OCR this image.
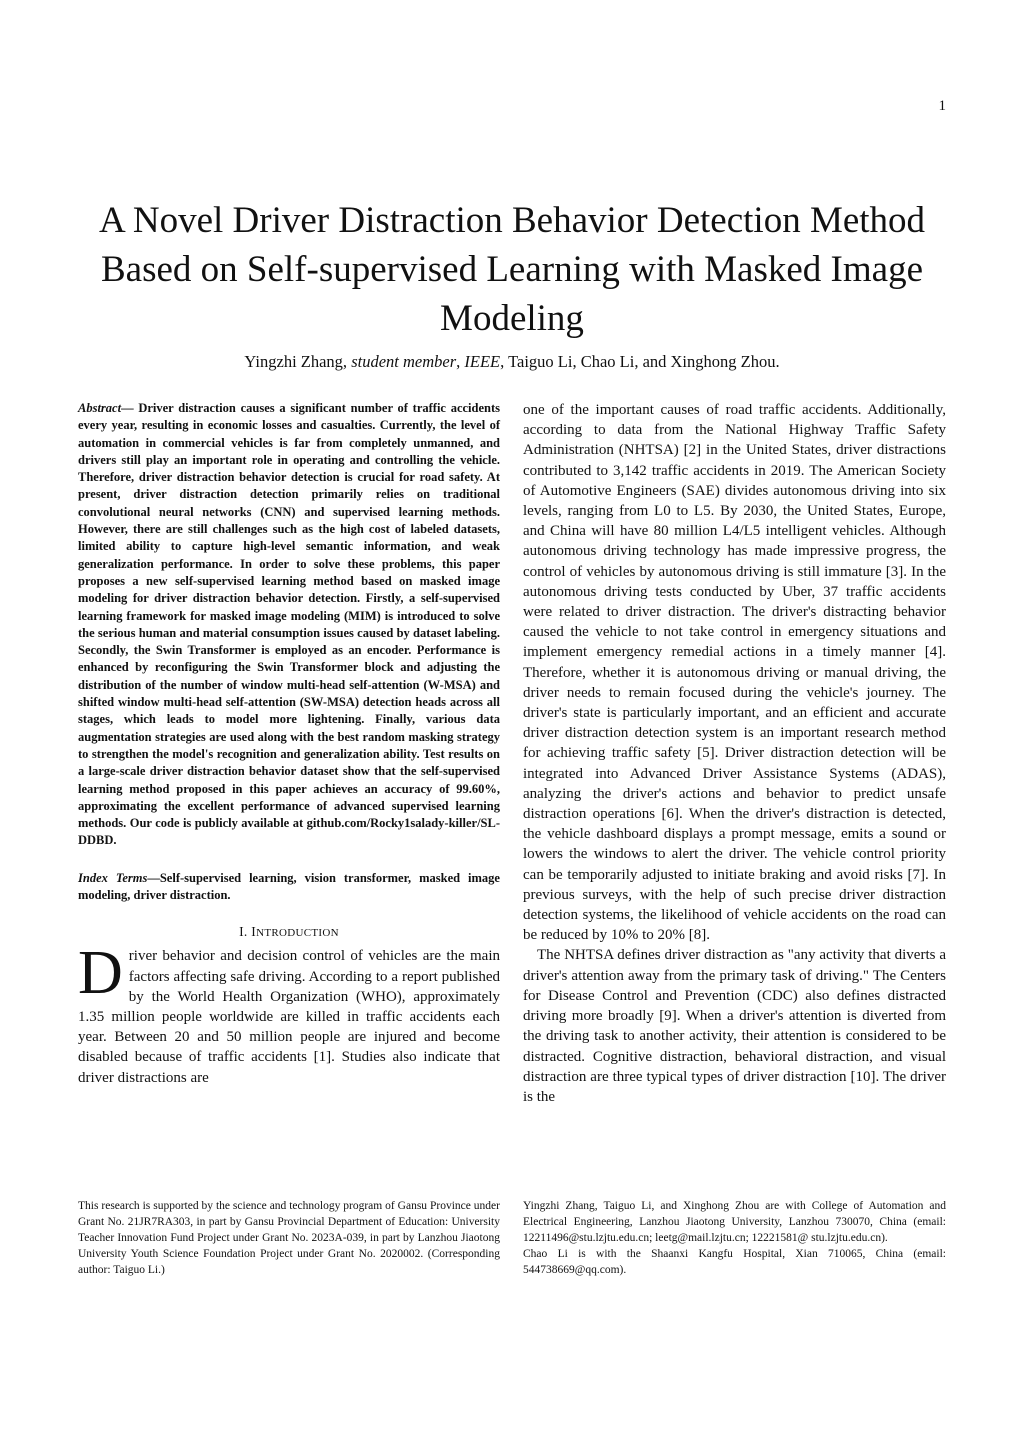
1
A Novel Driver Distraction Behavior Detection Method Based on Self-supervised Learning with Masked Image Modeling
Yingzhi Zhang, student member, IEEE, Taiguo Li, Chao Li, and Xinghong Zhou.

Abstract— Driver distraction causes a significant number of traffic accidents every year, resulting in economic losses and casualties. Currently, the level of automation in commercial vehicles is far from completely unmanned, and drivers still play an important role in operating and controlling the vehicle. Therefore, driver distraction behavior detection is crucial for road safety. At present, driver distraction detection primarily relies on traditional convolutional neural networks (CNN) and supervised learning methods. However, there are still challenges such as the high cost of labeled datasets, limited ability to capture high-level semantic information, and weak generalization performance. In order to solve these problems, this paper proposes a new self-supervised learning method based on masked image modeling for driver distraction behavior detection. Firstly, a self-supervised learning framework for masked image modeling (MIM) is introduced to solve the serious human and material consumption issues caused by dataset labeling. Secondly, the Swin Transformer is employed as an encoder. Performance is enhanced by reconfiguring the Swin Transformer block and adjusting the distribution of the number of window multi-head self-attention (W-MSA) and shifted window multi-head self-attention (SW-MSA) detection heads across all stages, which leads to model more lightening. Finally, various data augmentation strategies are used along with the best random masking strategy to strengthen the model's recognition and generalization ability. Test results on a large-scale driver distraction behavior dataset show that the self-supervised learning method proposed in this paper achieves an accuracy of 99.60%, approximating the excellent performance of advanced supervised learning methods. Our code is publicly available at github.com/Rocky1salady-killer/SL-DDBD.

Index Terms—Self-supervised learning, vision transformer, masked image modeling, driver distraction.

I. INTRODUCTION

Driver behavior and decision control of vehicles are the main factors affecting safe driving. According to a report published by the World Health Organization (WHO), approximately 1.35 million people worldwide are killed in traffic accidents each year. Between 20 and 50 million people are injured and become disabled because of traffic accidents [1]. Studies also indicate that driver distractions are

one of the important causes of road traffic accidents. Additionally, according to data from the National Highway Traffic Safety Administration (NHTSA) [2] in the United States, driver distractions contributed to 3,142 traffic accidents in 2019. The American Society of Automotive Engineers (SAE) divides autonomous driving into six levels, ranging from L0 to L5. By 2030, the United States, Europe, and China will have 80 million L4/L5 intelligent vehicles. Although autonomous driving technology has made impressive progress, the control of vehicles by autonomous driving is still immature [3]. In the autonomous driving tests conducted by Uber, 37 traffic accidents were related to driver distraction. The driver's distracting behavior caused the vehicle to not take control in emergency situations and implement emergency remedial actions in a timely manner [4]. Therefore, whether it is autonomous driving or manual driving, the driver needs to remain focused during the vehicle's journey. The driver's state is particularly important, and an efficient and accurate driver distraction detection system is an important research method for achieving traffic safety [5]. Driver distraction detection will be integrated into Advanced Driver Assistance Systems (ADAS), analyzing the driver's actions and behavior to predict unsafe distraction operations [6]. When the driver's distraction is detected, the vehicle dashboard displays a prompt message, emits a sound or lowers the windows to alert the driver. The vehicle control priority can be temporarily adjusted to initiate braking and avoid risks [7]. In previous surveys, with the help of such precise driver distraction detection systems, the likelihood of vehicle accidents on the road can be reduced by 10% to 20% [8].

The NHTSA defines driver distraction as "any activity that diverts a driver's attention away from the primary task of driving." The Centers for Disease Control and Prevention (CDC) also defines distracted driving more broadly [9]. When a driver's attention is diverted from the driving task to another activity, their attention is considered to be distracted. Cognitive distraction, behavioral distraction, and visual distraction are three typical types of driver distraction [10]. The driver is the

This research is supported by the science and technology program of Gansu Province under Grant No. 21JR7RA303, in part by Gansu Provincial Department of Education: University Teacher Innovation Fund Project under Grant No. 2023A-039, in part by Lanzhou Jiaotong University Youth Science Foundation Project under Grant No. 2020002. (Corresponding author: Taiguo Li.)

Yingzhi Zhang, Taiguo Li, and Xinghong Zhou are with College of Automation and Electrical Engineering, Lanzhou Jiaotong University, Lanzhou 730070, China (email: 12211496@stu.lzjtu.edu.cn; leetg@mail.lzjtu.cn; 12221581@ stu.lzjtu.edu.cn).

Chao Li is with the Shaanxi Kangfu Hospital, Xian 710065, China (email: 544738669@qq.com).
